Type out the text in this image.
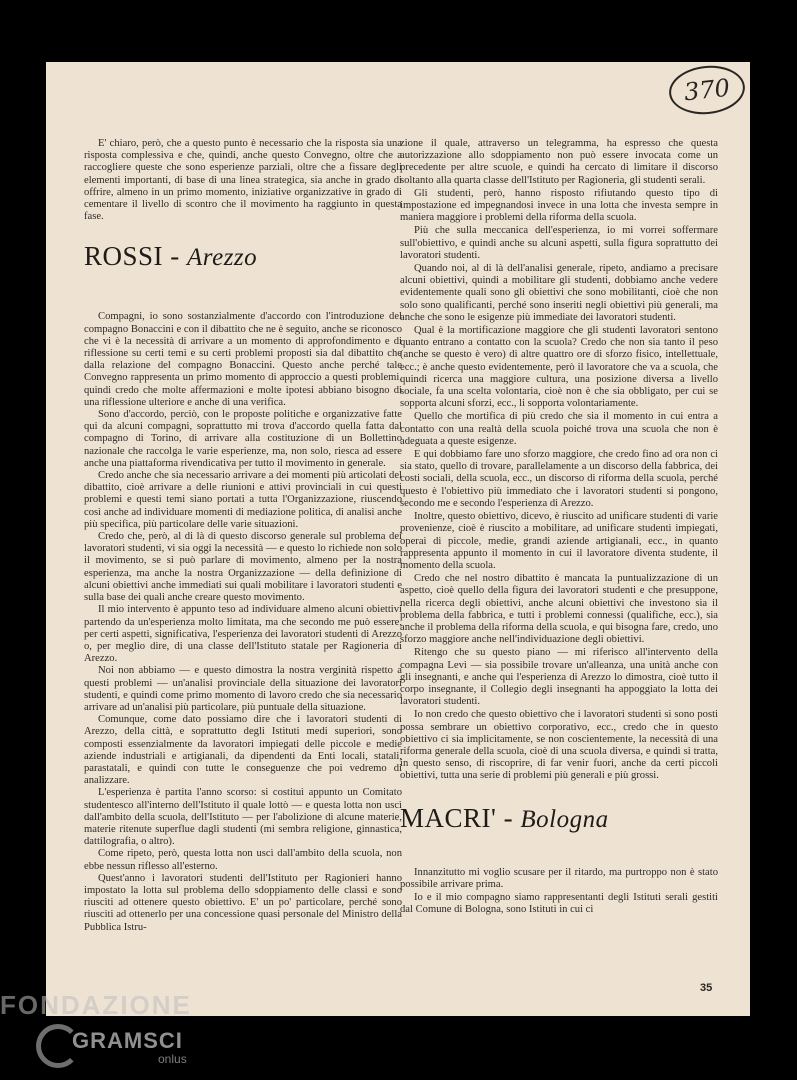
370

E' chiaro, però, che a questo punto è necessario che la risposta sia una risposta complessiva e che, quindi, anche questo Convegno, oltre che a raccogliere queste che sono esperienze parziali, oltre che a fissare degli elementi importanti, di base di una linea strategica, sia anche in grado di offrire, almeno in un primo momento, iniziative organizzative in grado di cementare il livello di scontro che il movimento ha raggiunto in questa fase.

ROSSI - Arezzo

Compagni, io sono sostanzialmente d'accordo con l'introduzione del compagno Bonaccini e con il dibattito che ne è seguito, anche se riconosco che vi è la necessità di arrivare a un momento di approfondimento e di riflessione su certi temi e su certi problemi proposti sia dal dibattito che dalla relazione del compagno Bonaccini. Questo anche perché tale Convegno rappresenta un primo momento di approccio a questi problemi, quindi credo che molte affermazioni e molte ipotesi abbiano bisogno di una riflessione ulteriore e anche di una verifica.

Sono d'accordo, perciò, con le proposte politiche e organizzative fatte qui da alcuni compagni, soprattutto mi trova d'accordo quella fatta dal compagno di Torino, di arrivare alla costituzione di un Bollettino nazionale che raccolga le varie esperienze, ma, non solo, riesca ad essere anche una piattaforma rivendicativa per tutto il movimento in generale.

Credo anche che sia necessario arrivare a dei momenti più articolati del dibattito, cioè arrivare a delle riunioni e attivi provinciali in cui questi problemi e questi temi siano portati a tutta l'Organizzazione, riuscendo così anche ad individuare momenti di mediazione politica, di analisi anche più specifica, più particolare delle varie situazioni.

Credo che, però, al di là di questo discorso generale sul problema dei lavoratori studenti, vi sia oggi la necessità — e questo lo richiede non solo il movimento, se si può parlare di movimento, almeno per la nostra esperienza, ma anche la nostra Organizzazione — della definizione di alcuni obiettivi anche immediati sui quali mobilitare i lavoratori studenti e sulla base dei quali anche creare questo movimento.

Il mio intervento è appunto teso ad individuare almeno alcuni obiettivi partendo da un'esperienza molto limitata, ma che secondo me può essere, per certi aspetti, significativa, l'esperienza dei lavoratori studenti di Arezzo o, per meglio dire, di una classe dell'Istituto statale per Ragioneria di Arezzo.

Noi non abbiamo — e questo dimostra la nostra verginità rispetto a questi problemi — un'analisi provinciale della situazione dei lavoratori studenti, e quindi come primo momento di lavoro credo che sia necessario arrivare ad un'analisi più particolare, più puntuale della situazione.

Comunque, come dato possiamo dire che i lavoratori studenti di Arezzo, della città, e soprattutto degli Istituti medi superiori, sono composti essenzialmente da lavoratori impiegati delle piccole e medie aziende industriali e artigianali, da dipendenti da Enti locali, statali, parastatali, e quindi con tutte le conseguenze che poi vedremo di analizzare.

L'esperienza è partita l'anno scorso: si costituì appunto un Comitato studentesco all'interno dell'Istituto il quale lottò — e questa lotta non uscì dall'ambito della scuola, dell'Istituto — per l'abolizione di alcune materie, materie ritenute superflue dagli studenti (mi sembra religione, ginnastica, dattilografia, o altro).

Come ripeto, però, questa lotta non uscì dall'ambito della scuola, non ebbe nessun riflesso all'esterno.

Quest'anno i lavoratori studenti dell'Istituto per Ragionieri hanno impostato la lotta sul problema dello sdoppiamento delle classi e sono riusciti ad ottenere questo obiettivo. E' un po' particolare, perché sono riusciti ad ottenerlo per una concessione quasi personale del Ministro della Pubblica Istru-

zione il quale, attraverso un telegramma, ha espresso che questa autorizzazione allo sdoppiamento non può essere invocata come un precedente per altre scuole, e quindi ha cercato di limitare il discorso soltanto alla quarta classe dell'Istituto per Ragioneria, gli studenti serali.

Gli studenti, però, hanno risposto rifiutando questo tipo di impostazione ed impegnandosi invece in una lotta che investa sempre in maniera maggiore i problemi della riforma della scuola.

Più che sulla meccanica dell'esperienza, io mi vorrei soffermare sull'obiettivo, e quindi anche su alcuni aspetti, sulla figura soprattutto dei lavoratori studenti.

Quando noi, al di là dell'analisi generale, ripeto, andiamo a precisare alcuni obiettivi, quindi a mobilitare gli studenti, dobbiamo anche vedere evidentemente quali sono gli obiettivi che sono mobilitanti, cioè che non solo sono qualificanti, perché sono inseriti negli obiettivi più generali, ma anche che sono le esigenze più immediate dei lavoratori studenti.

Qual è la mortificazione maggiore che gli studenti lavoratori sentono quanto entrano a contatto con la scuola? Credo che non sia tanto il peso (anche se questo è vero) di altre quattro ore di sforzo fisico, intellettuale, ecc.; è anche questo evidentemente, però il lavoratore che va a scuola, che quindi ricerca una maggiore cultura, una posizione diversa a livello sociale, fa una scelta volontaria, cioè non è che sia obbligato, per cui se sopporta alcuni sforzi, ecc., li sopporta volontariamente.

Quello che mortifica di più credo che sia il momento in cui entra a contatto con una realtà della scuola poiché trova una scuola che non è adeguata a queste esigenze.

E qui dobbiamo fare uno sforzo maggiore, che credo fino ad ora non ci sia stato, quello di trovare, parallelamente a un discorso della fabbrica, dei costi sociali, della scuola, ecc., un discorso di riforma della scuola, perché questo è l'obiettivo più immediato che i lavoratori studenti si pongono, secondo me e secondo l'esperienza di Arezzo.

Inoltre, questo obiettivo, dicevo, è riuscito ad unificare studenti di varie provenienze, cioè è riuscito a mobilitare, ad unificare studenti impiegati, operai di piccole, medie, grandi aziende artigianali, ecc., in quanto rappresenta appunto il momento in cui il lavoratore diventa studente, il momento della scuola.

Credo che nel nostro dibattito è mancata la puntualizzazione di un aspetto, cioè quello della figura dei lavoratori studenti e che presuppone, nella ricerca degli obiettivi, anche alcuni obiettivi che investono sia il problema della fabbrica, e tutti i problemi connessi (qualifiche, ecc.), sia anche il problema della riforma della scuola, e qui bisogna fare, credo, uno sforzo maggiore anche nell'individuazione degli obiettivi.

Ritengo che su questo piano — mi riferisco all'intervento della compagna Levi — sia possibile trovare un'alleanza, una unità anche con gli insegnanti, e anche qui l'esperienza di Arezzo lo dimostra, cioè tutto il corpo insegnante, il Collegio degli insegnanti ha appoggiato la lotta dei lavoratori studenti.

Io non credo che questo obiettivo che i lavoratori studenti si sono posti possa sembrare un obiettivo corporativo, ecc., credo che in questo obiettivo ci sia implicitamente, se non coscientemente, la necessità di una riforma generale della scuola, cioè di una scuola diversa, e quindi si tratta, in questo senso, di riscoprire, di far venir fuori, anche da certi piccoli obiettivi, tutta una serie di problemi più generali e più grossi.

MACRI' - Bologna

Innanzitutto mi voglio scusare per il ritardo, ma purtroppo non è stato possibile arrivare prima.

Io e il mio compagno siamo rappresentanti degli Istituti serali gestiti dal Comune di Bologna, sono Istituti in cui ci

35
FONDAZIONE
GRAMSCI
onlus
